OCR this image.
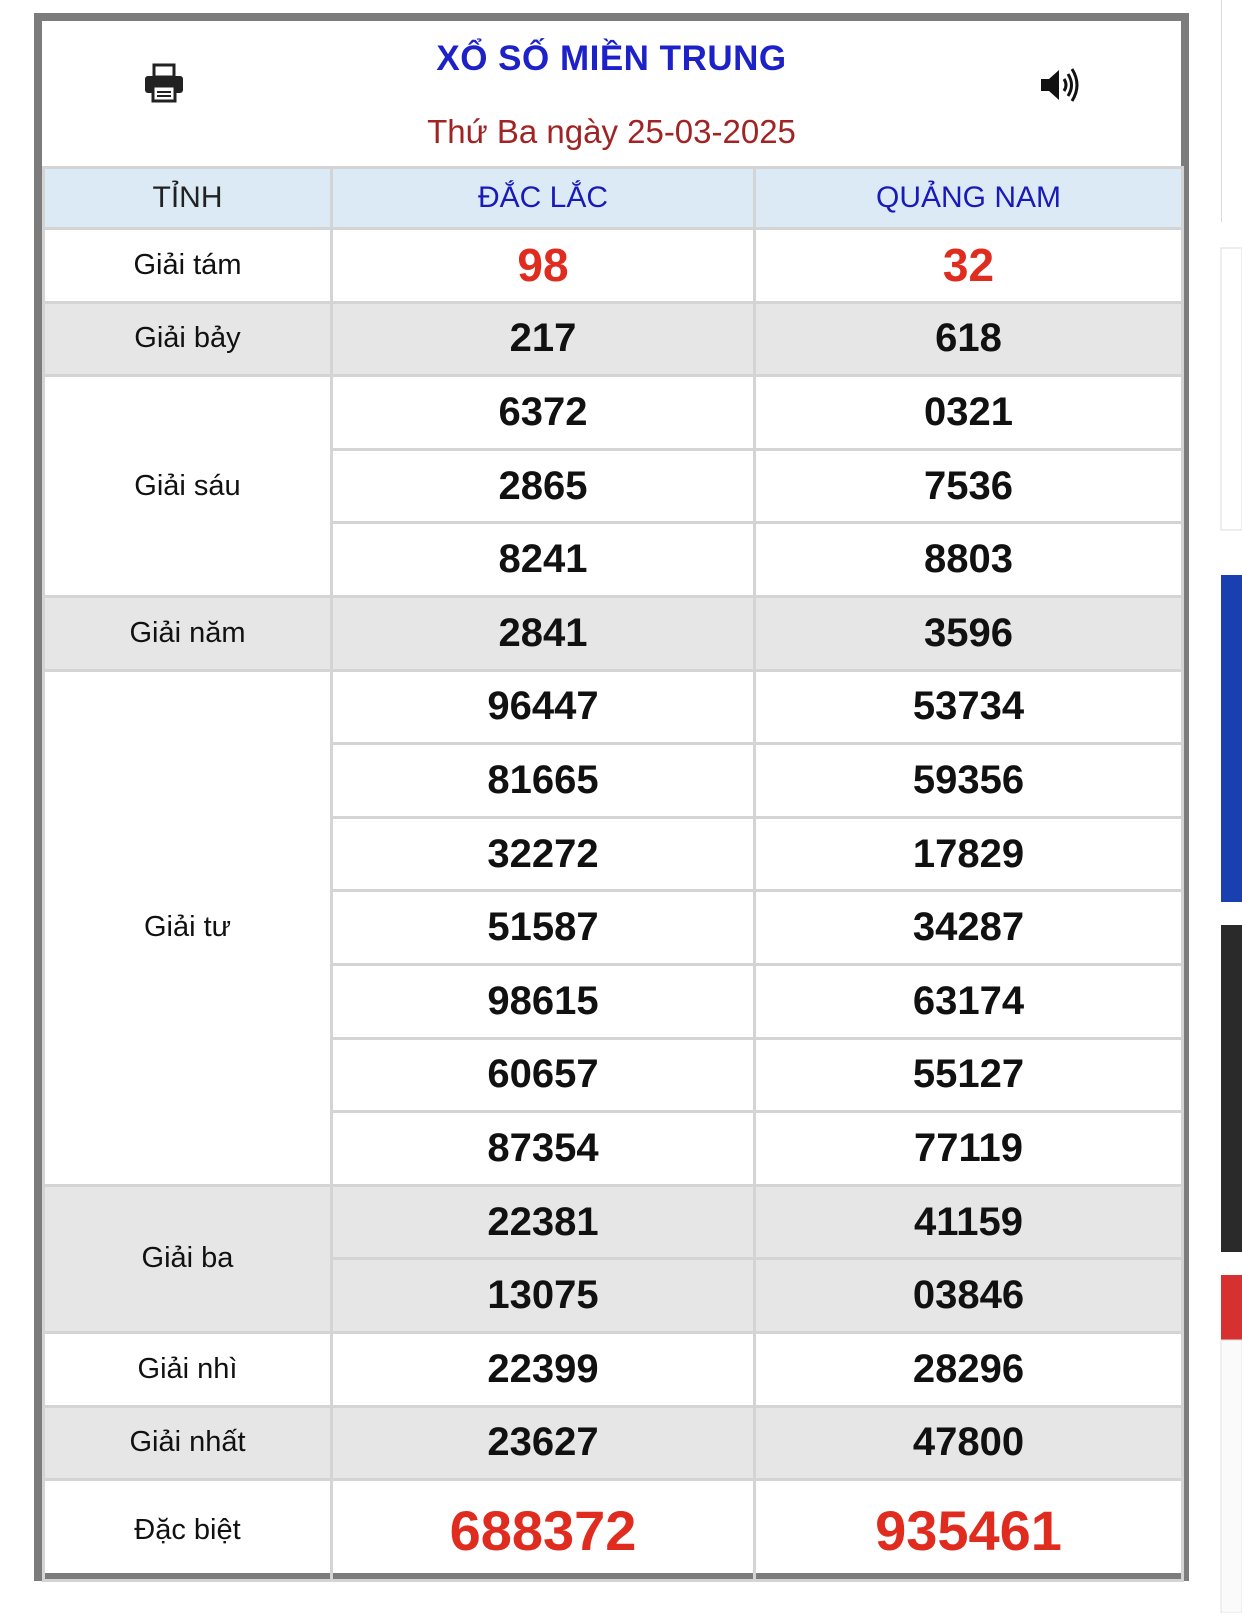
XỔ SỐ MIỀN TRUNG
Thứ Ba ngày 25-03-2025
TỈNH	ĐẮC LẮC	QUẢNG NAM
Giải tám	98	32
Giải bảy	217	618
Giải sáu	6372	0321
	2865	7536
	8241	8803
Giải năm	2841	3596
Giải tư	96447	53734
	81665	59356
	32272	17829
	51587	34287
	98615	63174
	60657	55127
	87354	77119
Giải ba	22381	41159
	13075	03846
Giải nhì	22399	28296
Giải nhất	23627	47800
Đặc biệt	688372	935461
